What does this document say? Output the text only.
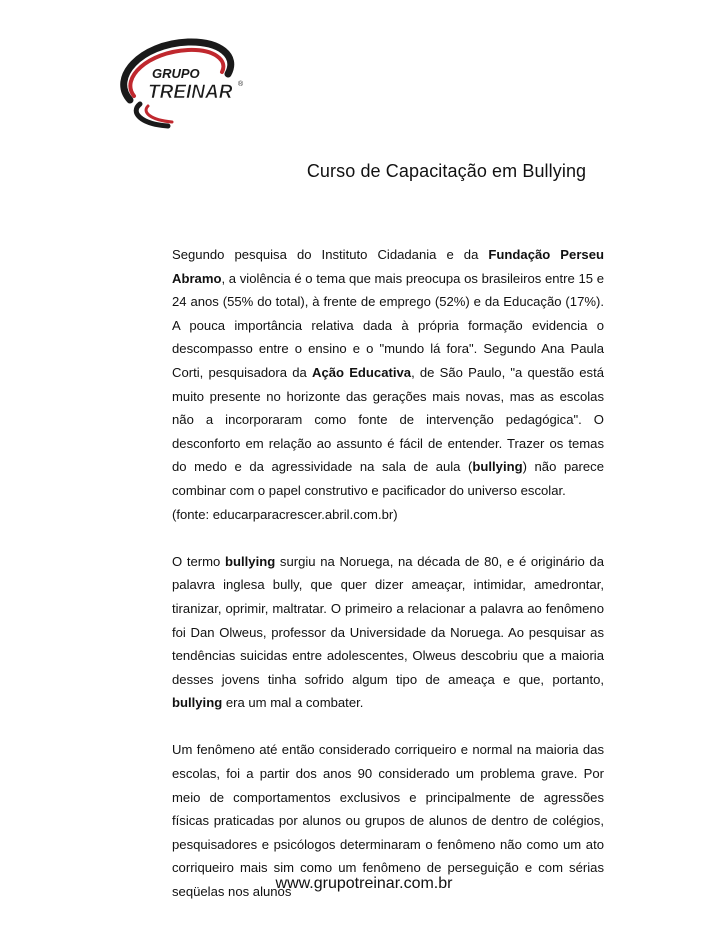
GRUPO
TREINAR ®
Curso de Capacitação em Bullying

Segundo pesquisa do Instituto Cidadania e da Fundação Perseu Abramo, a violência é o tema que mais preocupa os brasileiros entre 15 e 24 anos (55% do total), à frente de emprego (52%) e da Educação (17%). A pouca importância relativa dada à própria formação evidencia o descompasso entre o ensino e o "mundo lá fora". Segundo Ana Paula Corti, pesquisadora da Ação Educativa, de São Paulo, "a questão está muito presente no horizonte das gerações mais novas, mas as escolas não a incorporaram como fonte de intervenção pedagógica". O desconforto em relação ao assunto é fácil de entender. Trazer os temas do medo e da agressividade na sala de aula (bullying) não parece combinar com o papel construtivo e pacificador do universo escolar.
(fonte: educarparacrescer.abril.com.br)

O termo bullying surgiu na Noruega, na década de 80, e é originário da palavra inglesa bully, que quer dizer ameaçar, intimidar, amedrontar, tiranizar, oprimir, maltratar. O primeiro a relacionar a palavra ao fenômeno foi Dan Olweus, professor da Universidade da Noruega. Ao pesquisar as tendências suicidas entre adolescentes, Olweus descobriu que a maioria desses jovens tinha sofrido algum tipo de ameaça e que, portanto, bullying era um mal a combater.

Um fenômeno até então considerado corriqueiro e normal na maioria das escolas, foi a partir dos anos 90 considerado um problema grave. Por meio de comportamentos exclusivos e principalmente de agressões físicas praticadas por alunos ou grupos de alunos de dentro de colégios, pesquisadores e psicólogos determinaram o fenômeno não como um ato corriqueiro mais sim como um fenômeno de perseguição e com sérias seqüelas nos alunos

www.grupotreinar.com.br
